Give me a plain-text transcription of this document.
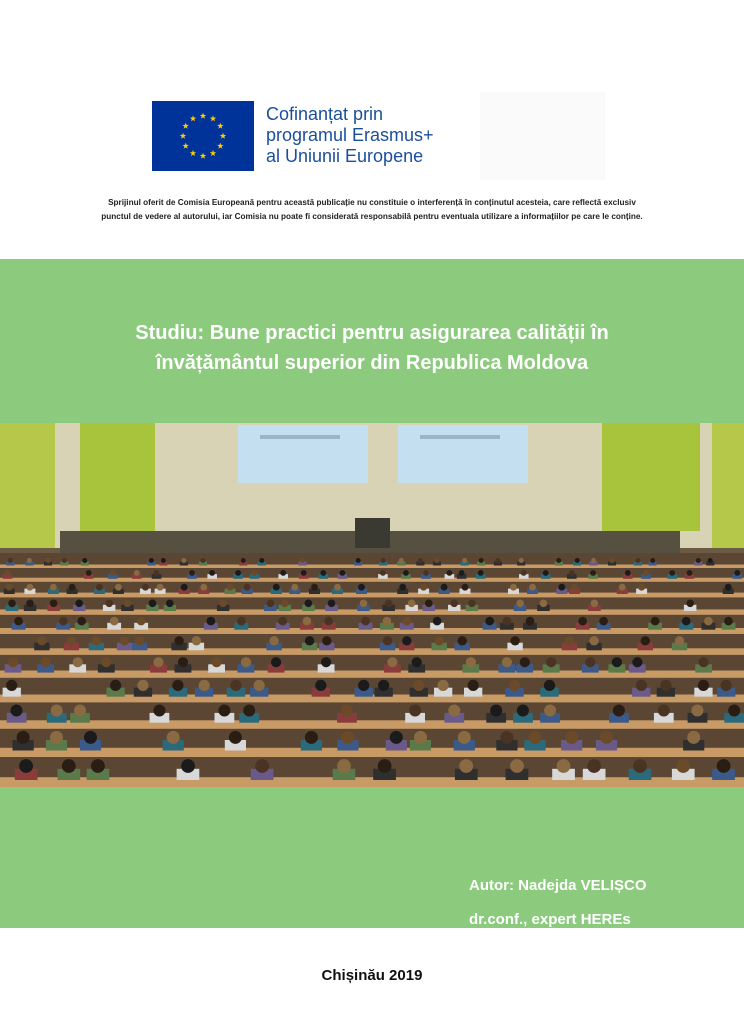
Cofinanțat prin
programul Erasmus+
al Uniunii Europene
Sprijinul oferit de Comisia Europeană pentru această publicație nu constituie o interferență în conținutul acesteia, care reflectă exclusiv
punctul de vedere al autorului, iar Comisia nu poate fi considerată responsabilă pentru eventuala utilizare a informațiilor pe care le conține.
Studiu: Bune practici pentru asigurarea calității în
învățământul superior din Republica Moldova
Autor: Nadejda VELIȘCO
dr.conf., expert HEREs
Chișinău 2019
